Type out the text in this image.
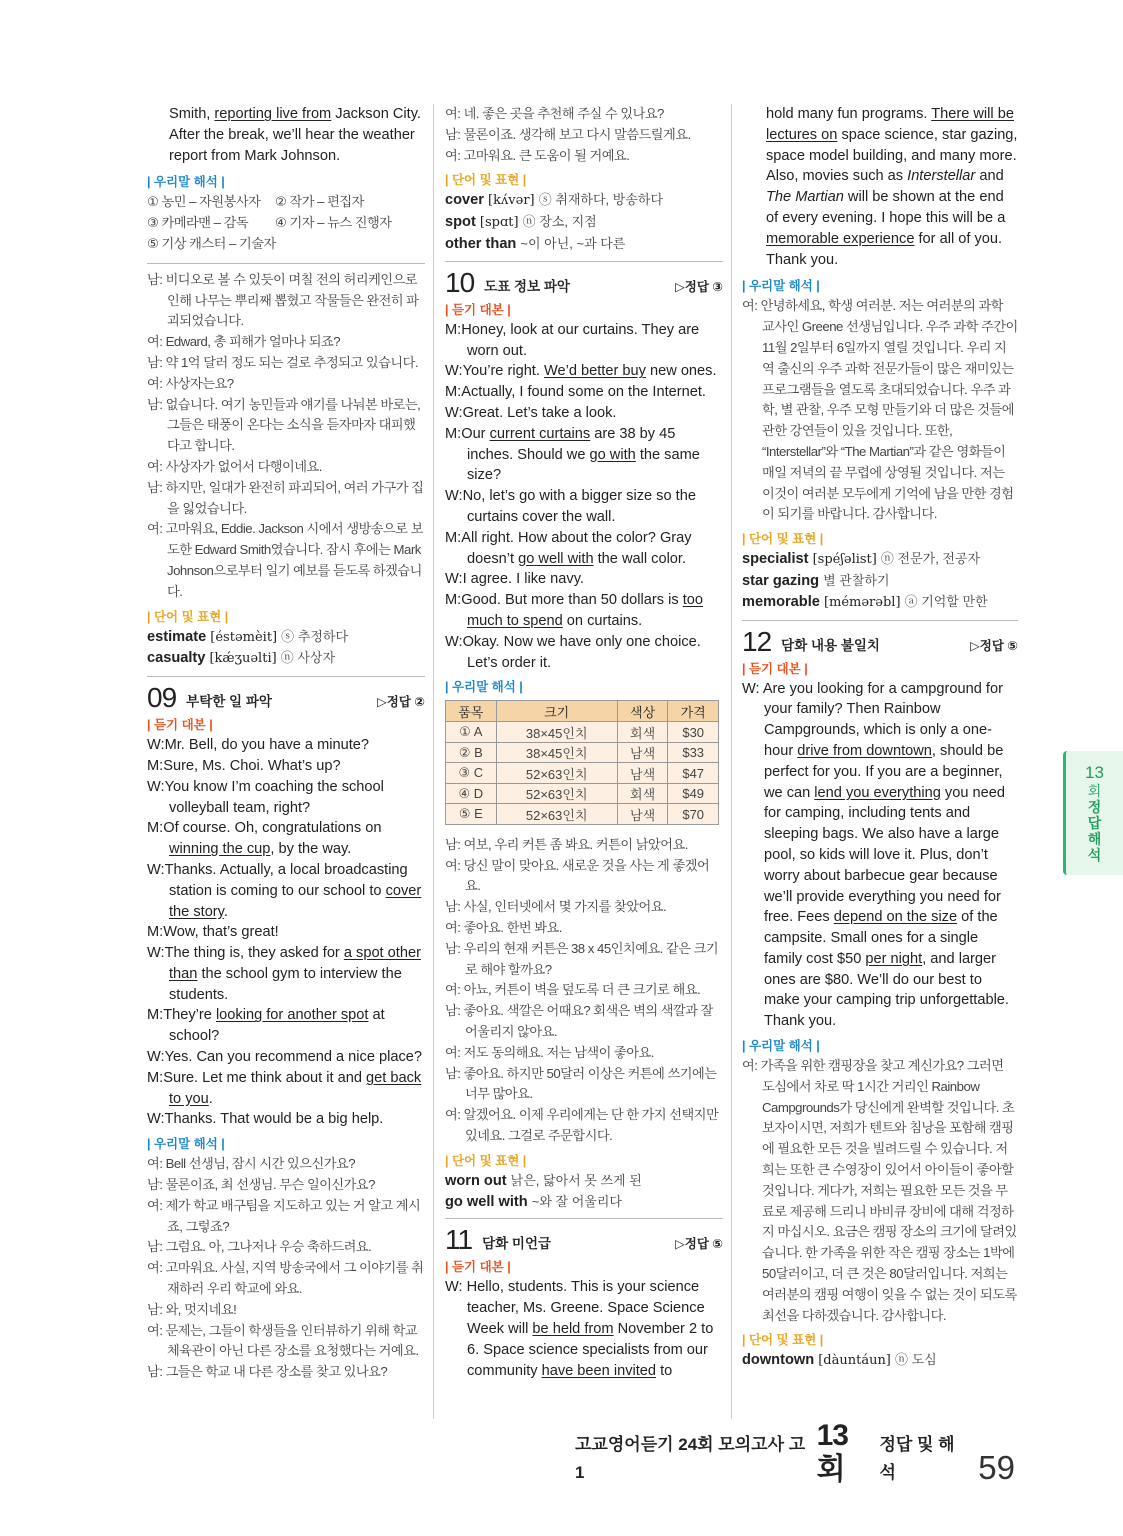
Smith, reporting live from Jackson City. After the break, we’ll hear the weather report from Mark Johnson.

| 우리말 해석 |
① 농민 – 자원봉사자 ② 작가 – 편집자
③ 카메라맨 – 감독 ④ 기자 – 뉴스 진행자
⑤ 기상 캐스터 – 기술자
남: 비디오로 볼 수 있듯이 며칠 전의 허리케인으로 인해 나무는 뿌리째 뽑혔고 작물들은 완전히 파괴되었습니다.
여: Edward, 총 피해가 얼마나 되죠?
남: 약 1억 달러 정도 되는 걸로 추정되고 있습니다.
여: 사상자는요?
남: 없습니다. 여기 농민들과 얘기를 나눠본 바로는, 그들은 태풍이 온다는 소식을 듣자마자 대피했다고 합니다.
여: 사상자가 없어서 다행이네요.
남: 하지만, 일대가 완전히 파괴되어, 여러 가구가 집을 잃었습니다.
여: 고마워요, Eddie. Jackson 시에서 생방송으로 보도한 Edward Smith였습니다. 잠시 후에는 Mark Johnson으로부터 일기 예보를 듣도록 하겠습니다.
| 단어 및 표현 |
estimate [éstəmèit] ⓢ 추정하다
casualty [kǽʒuəlti] ⓝ 사상자
09 부탁한 일 파악	▷정답 ②
| 듣기 대본 |

W:Mr. Bell, do you have a minute?

M:Sure, Ms. Choi. What’s up?

W:You know I’m coaching the school volleyball team, right?

M:Of course. Oh, congratulations on winning the cup, by the way.

W:Thanks. Actually, a local broadcasting station is coming to our school to cover the story.

M:Wow, that’s great!

W:The thing is, they asked for a spot other than the school gym to interview the students.

M:They’re looking for another spot at school?

W:Yes. Can you recommend a nice place?

M:Sure. Let me think about it and get back to you.

W:Thanks. That would be a big help.

| 우리말 해석 |
여: Bell 선생님, 잠시 시간 있으신가요?
남: 물론이죠, 최 선생님. 무슨 일이신가요?
여: 제가 학교 배구팀을 지도하고 있는 거 알고 계시죠, 그렇죠?
남: 그럼요. 아, 그나저나 우승 축하드려요.
여: 고마워요. 사실, 지역 방송국에서 그 이야기를 취재하러 우리 학교에 와요.
남: 와, 멋지네요!
여: 문제는, 그들이 학생들을 인터뷰하기 위해 학교 체육관이 아닌 다른 장소를 요청했다는 거예요.
남: 그들은 학교 내 다른 장소를 찾고 있나요?
여: 네. 좋은 곳을 추천해 주실 수 있나요?
남: 물론이죠. 생각해 보고 다시 말씀드릴게요.
여: 고마워요. 큰 도움이 될 거예요.
| 단어 및 표현 |
cover [kʌ́vər] ⓢ 취재하다, 방송하다
spot [spɑt] ⓝ 장소, 지점
other than ~이 아닌, ~과 다른
10 도표 정보 파악	▷정답 ③
| 듣기 대본 |

M:Honey, look at our curtains. They are worn out.

W:You’re right. We’d better buy new ones.

M:Actually, I found some on the Internet.

W:Great. Let’s take a look.

M:Our current curtains are 38 by 45 inches. Should we go with the same size?

W:No, let’s go with a bigger size so the curtains cover the wall.

M:All right. How about the color? Gray doesn’t go well with the wall color.

W:I agree. I like navy.

M:Good. But more than 50 dollars is too much to spend on curtains.

W:Okay. Now we have only one choice. Let’s order it.

| 우리말 해석 |
품목	크기	색상	가격
① A	38×45인치	회색	$30
② B	38×45인치	남색	$33
③ C	52×63인치	남색	$47
④ D	52×63인치	회색	$49
⑤ E	52×63인치	남색	$70
남: 여보, 우리 커튼 좀 봐요. 커튼이 낡았어요.
여: 당신 말이 맞아요. 새로운 것을 사는 게 좋겠어요.
남: 사실, 인터넷에서 몇 가지를 찾았어요.
여: 좋아요. 한번 봐요.
남: 우리의 현재 커튼은 38 x 45인치예요. 같은 크기로 해야 할까요?
여: 아뇨, 커튼이 벽을 덮도록 더 큰 크기로 해요.
남: 좋아요. 색깔은 어때요? 회색은 벽의 색깔과 잘 어울리지 않아요.
여: 저도 동의해요. 저는 남색이 좋아요.
남: 좋아요. 하지만 50달러 이상은 커튼에 쓰기에는 너무 많아요.
여: 알겠어요. 이제 우리에게는 단 한 가지 선택지만 있네요. 그걸로 주문합시다.
| 단어 및 표현 |
worn out 낡은, 닳아서 못 쓰게 된
go well with ~와 잘 어울리다
11 담화 미언급	▷정답 ⑤
| 듣기 대본 |

W: Hello, students. This is your science teacher, Ms. Greene. Space Science Week will be held from November 2 to 6. Space science specialists from our community have been invited to

hold many fun programs. There will be lectures on space science, star gazing, space model building, and many more. Also, movies such as Interstellar and The Martian will be shown at the end of every evening. I hope this will be a memorable experience for all of you. Thank you.

| 우리말 해석 |
여: 안녕하세요, 학생 여러분. 저는 여러분의 과학 교사인 Greene 선생님입니다. 우주 과학 주간이 11월 2일부터 6일까지 열릴 것입니다. 우리 지역 출신의 우주 과학 전문가들이 많은 재미있는 프로그램들을 열도록 초대되었습니다. 우주 과학, 별 관찰, 우주 모형 만들기와 더 많은 것들에 관한 강연들이 있을 것입니다. 또한, “Interstellar”와 “The Martian”과 같은 영화들이 매일 저녁의 끝 무렵에 상영될 것입니다. 저는 이것이 여러분 모두에게 기억에 남을 만한 경험이 되기를 바랍니다. 감사합니다.
| 단어 및 표현 |
specialist [spéʃəlist] ⓝ 전문가, 전공자
star gazing 별 관찰하기
memorable [mémərəbl] ⓐ 기억할 만한
12 담화 내용 불일치	▷정답 ⑤
| 듣기 대본 |

W: Are you looking for a campground for your family? Then Rainbow Campgrounds, which is only a one-hour drive from downtown, should be perfect for you. If you are a beginner, we can lend you everything you need for camping, including tents and sleeping bags. We also have a large pool, so kids will love it. Plus, don’t worry about barbecue gear because we’ll provide everything you need for free. Fees depend on the size of the campsite. Small ones for a single family cost $50 per night, and larger ones are $80. We’ll do our best to make your camping trip unforgettable. Thank you.

| 우리말 해석 |
여: 가족을 위한 캠핑장을 찾고 계신가요? 그러면 도심에서 차로 딱 1시간 거리인 Rainbow Campgrounds가 당신에게 완벽할 것입니다. 초보자이시면, 저희가 텐트와 침낭을 포함해 캠핑에 필요한 모든 것을 빌려드릴 수 있습니다. 저희는 또한 큰 수영장이 있어서 아이들이 좋아할 것입니다. 게다가, 저희는 필요한 모든 것을 무료로 제공해 드리니 바비큐 장비에 대해 걱정하지 마십시오. 요금은 캠핑 장소의 크기에 달려있습니다. 한 가족을 위한 작은 캠핑 장소는 1박에 50달러이고, 더 큰 것은 80달러입니다. 저희는 여러분의 캠핑 여행이 잊을 수 없는 것이 되도록 최선을 다하겠습니다. 감사합니다.
| 단어 및 표현 |
downtown [dàuntáun] ⓝ 도심
13
회
정
답
해
석
고교영어듣기 24회 모의고사 고1
13회
정답 및 해석	59
